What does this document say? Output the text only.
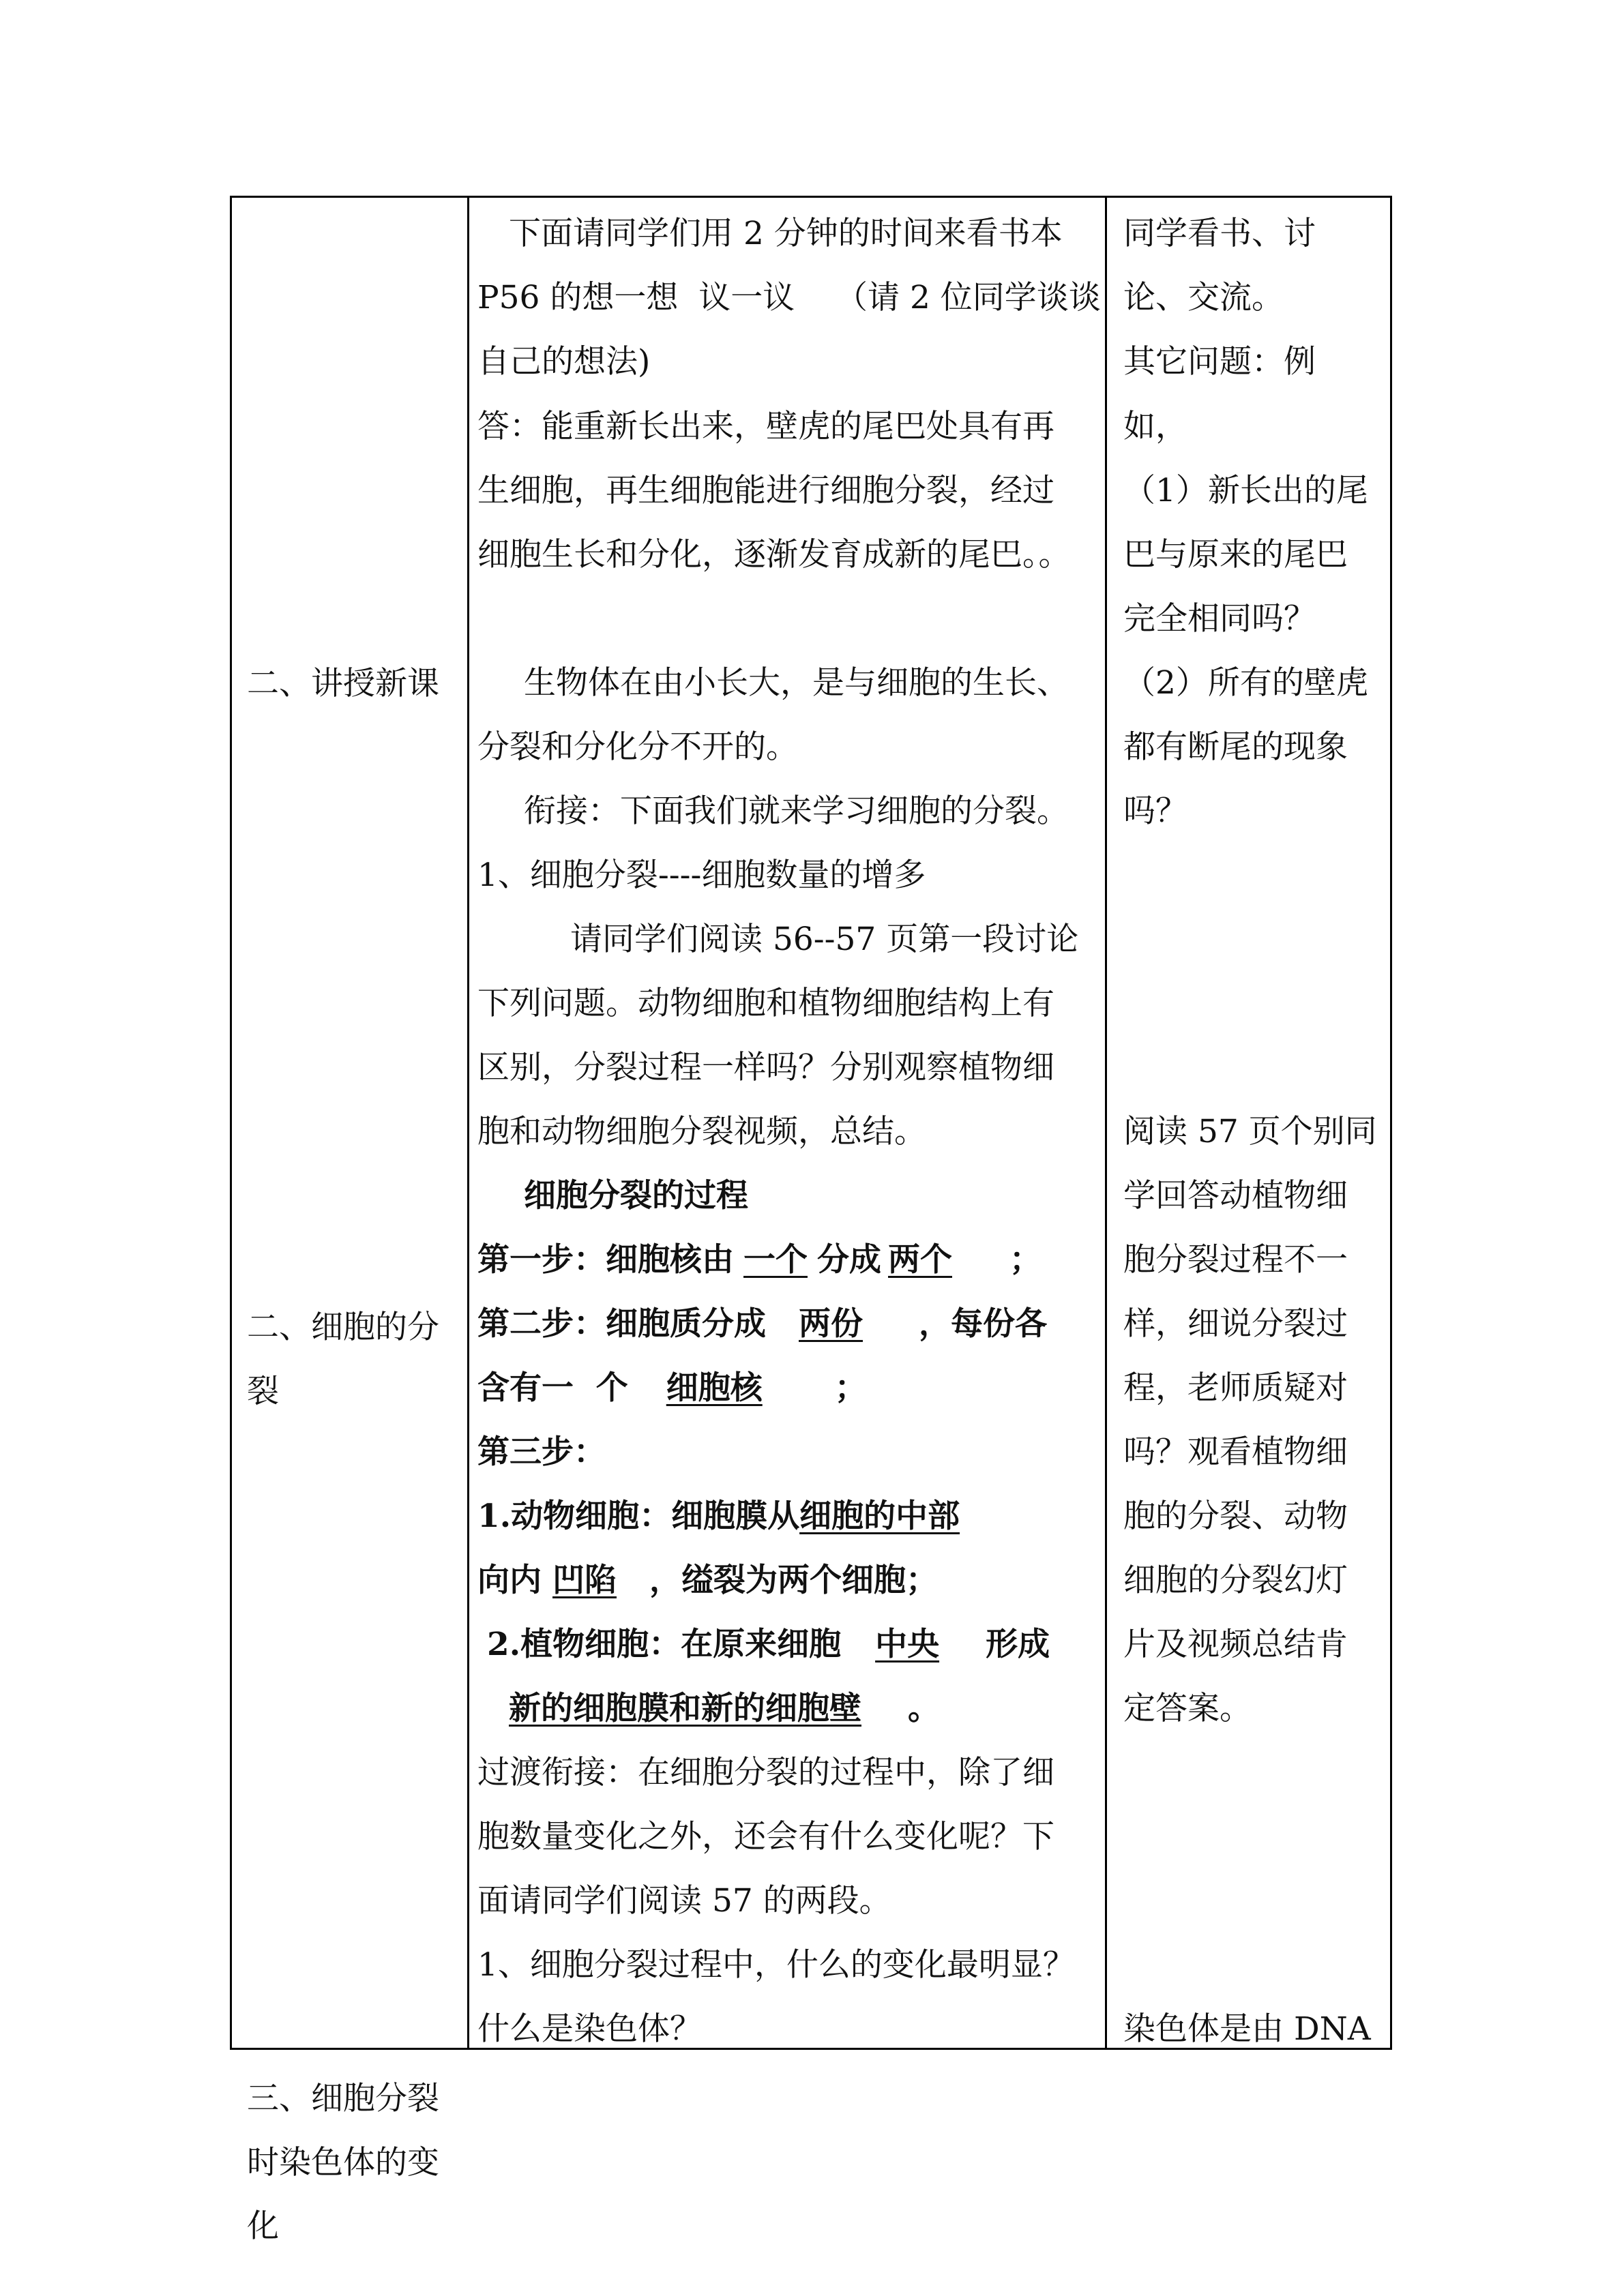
二、讲授新课
二、细胞的分
裂
三、细胞分裂
时染色体的变
化
下面请同学们用 2 分钟的时间来看书本
P56 的想一想  议一议    （请 2 位同学谈谈
自己的想法)
答：能重新长出来，壁虎的尾巴处具有再
生细胞，再生细胞能进行细胞分裂，经过
细胞生长和分化，逐渐发育成新的尾巴。。
生物体在由小长大，是与细胞的生长、
分裂和分化分不开的。
衔接：下面我们就来学习细胞的分裂。
1、细胞分裂----细胞数量的增多
请同学们阅读 56--57 页第一段讨论
下列问题。动物细胞和植物细胞结构上有
区别，分裂过程一样吗？分别观察植物细
胞和动物细胞分裂视频，总结。
细胞分裂的过程
第一步：细胞核由 一个 分成 两个 ；
第二步：细胞质分成 两份 ，每份各
含有一  个 细胞核 ；
第三步：
1.动物细胞：细胞膜从细胞的中部
向内 凹陷 ，缢裂为两个细胞；
2.植物细胞：在原来细胞 中央 形成
新的细胞膜和新的细胞壁 。
过渡衔接：在细胞分裂的过程中，除了细
胞数量变化之外，还会有什么变化呢？下
面请同学们阅读 57 的两段。
1、细胞分裂过程中，什么的变化最明显？
什么是染色体？
同学看书、讨
论、交流。
其它问题：例
如，
（1）新长出的尾
巴与原来的尾巴
完全相同吗？
（2）所有的壁虎
都有断尾的现象
吗？
阅读 57 页个别同
学回答动植物细
胞分裂过程不一
样，细说分裂过
程，老师质疑对
吗？观看植物细
胞的分裂、动物
细胞的分裂幻灯
片及视频总结肯
定答案。
染色体是由 DNA
